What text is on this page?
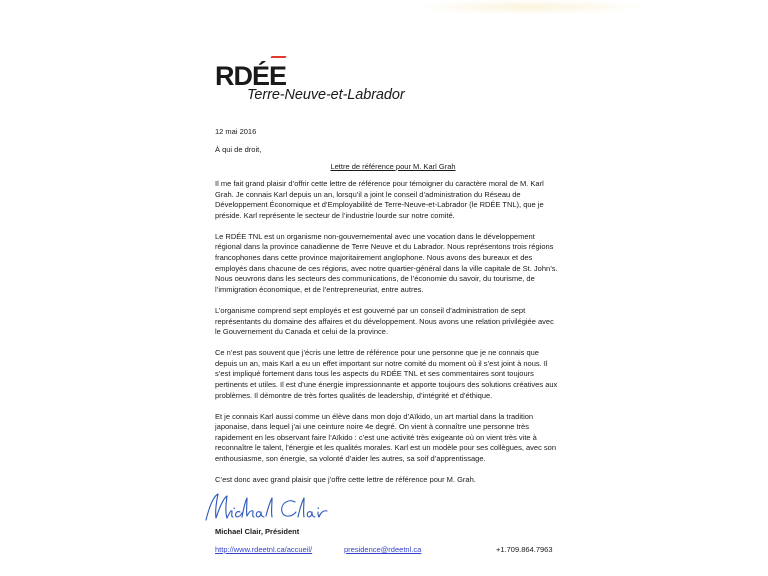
RDÉE
Terre-Neuve-et-Labrador
12 mai 2016
À qui de droit,
Lettre de référence pour M. Karl Grah

Il me fait grand plaisir d’offrir cette lettre de référence pour témoigner du caractère moral de M. Karl Grah. Je connais Karl depuis un an, lorsqu’il a joint le conseil d’administration du Réseau de Développement Économique et d’Employabilité de Terre-Neuve-et-Labrador (le RDÉE TNL), que je préside. Karl représente le secteur de l’industrie lourde sur notre comité.

Le RDÉE TNL est un organisme non-gouvernemental avec une vocation dans le développement régional dans la province canadienne de Terre Neuve et du Labrador. Nous représentons trois régions francophones dans cette province majoritairement anglophone. Nous avons des bureaux et des employés dans chacune de ces régions, avec notre quartier-général dans la ville capitale de St. John’s. Nous oeuvrons dans les secteurs des communications, de l’économie du savoir, du tourisme, de l’immigration économique, et de l’entrepreneuriat, entre autres.

L’organisme comprend sept employés et est gouverné par un conseil d’administration de sept représentants du domaine des affaires et du développement. Nous avons une relation privilégiée avec le Gouvernement du Canada et celui de la province.

Ce n’est pas souvent que j’écris une lettre de référence pour une personne que je ne connais que depuis un an, mais Karl a eu un effet important sur notre comité du moment où il s’est joint à nous. Il s’est impliqué fortement dans tous les aspects du RDÉE TNL et ses commentaires sont toujours pertinents et utiles. Il est d’une énergie impressionnante et apporte toujours des solutions créatives aux problèmes. Il démontre de très fortes qualités de leadership, d’intégrité et d’éthique.

Et je connais Karl aussi comme un élève dans mon dojo d’Aïkido, un art martial dans la tradition japonaise, dans lequel j’ai une ceinture noire 4e degré. On vient à connaître une personne très rapidement en les observant faire l’Aïkido : c’est une activité très exigeante où on vient très vite à reconnaître le talent, l’énergie et les qualités morales. Karl est un modèle pour ses collègues, avec son enthousiasme, son énergie, sa volonté d’aider les autres, sa soif d’apprentissage.

C’est donc avec grand plaisir que j’offre cette lettre de référence pour M. Grah.

Michael Clair, Président
http://www.rdeetnl.ca/accueil/	presidence@rdeetnl.ca	+1.709.864.7963
